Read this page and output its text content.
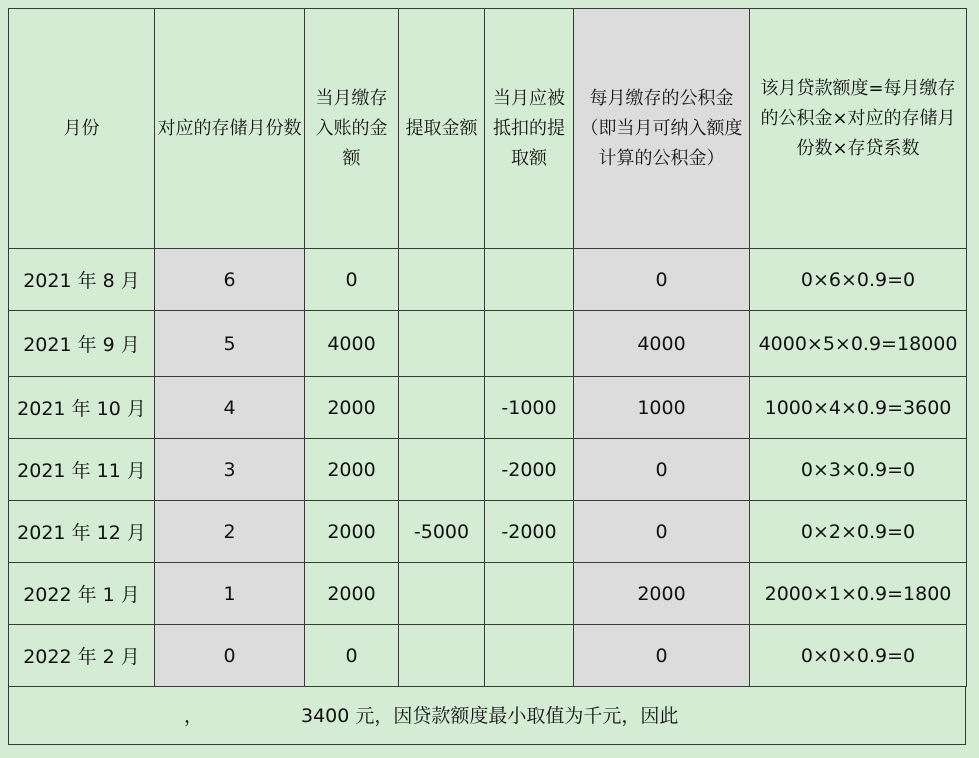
月份	对应的存储月份数	当月缴存入账的金额	提取金额	当月应被抵扣的提取额	每月缴存的公积金（即当月可纳入额度计算的公积金）	该月贷款额度=每月缴存的公积金×对应的存储月份数×存贷系数

2021 年 8 月	6	0			0	0×6×0.9=0
2021 年 9 月	5	4000			4000	4000×5×0.9=18000
2021 年 10 月	4	2000		-1000	1000	1000×4×0.9=3600
2021 年 11 月	3	2000		-2000	0	0×3×0.9=0
2021 年 12 月	2	2000	-5000	-2000	0	0×2×0.9=0
2022 年 1 月	1	2000			2000	2000×1×0.9=1800
2022 年 2 月	0	0			0	0×0×0.9=0
，	3400 元，因贷款额度最小取值为千元，因此
